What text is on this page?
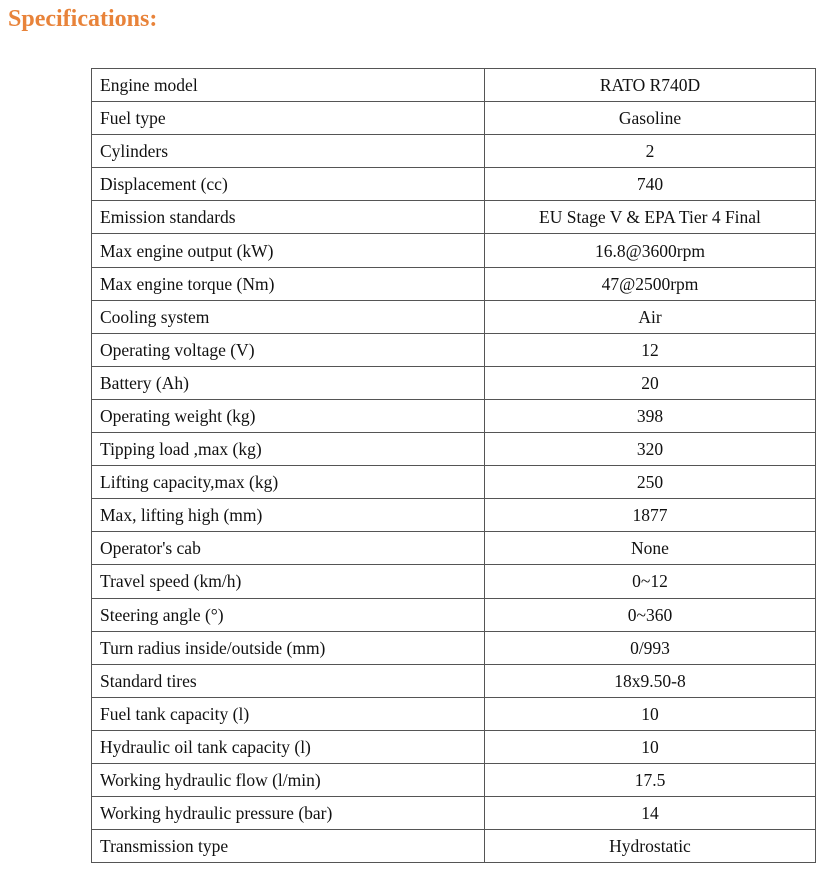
Specifications:
Engine model	RATO R740D
Fuel type	Gasoline
Cylinders	2
Displacement (cc)	740
Emission standards	EU Stage V & EPA Tier 4 Final
Max engine output (kW)	16.8@3600rpm
Max engine torque (Nm)	47@2500rpm
Cooling system	Air
Operating voltage (V)	12
Battery (Ah)	20
Operating weight (kg)	398
Tipping load ,max (kg)	320
Lifting capacity,max (kg)	250
Max, lifting high (mm)	1877
Operator's cab	None
Travel speed (km/h)	0~12
Steering angle (°)	0~360
Turn radius inside/outside (mm)	0/993
Standard tires	18x9.50-8
Fuel tank capacity (l)	10
Hydraulic oil tank capacity (l)	10
Working hydraulic flow (l/min)	17.5
Working hydraulic pressure (bar)	14
Transmission type	Hydrostatic
